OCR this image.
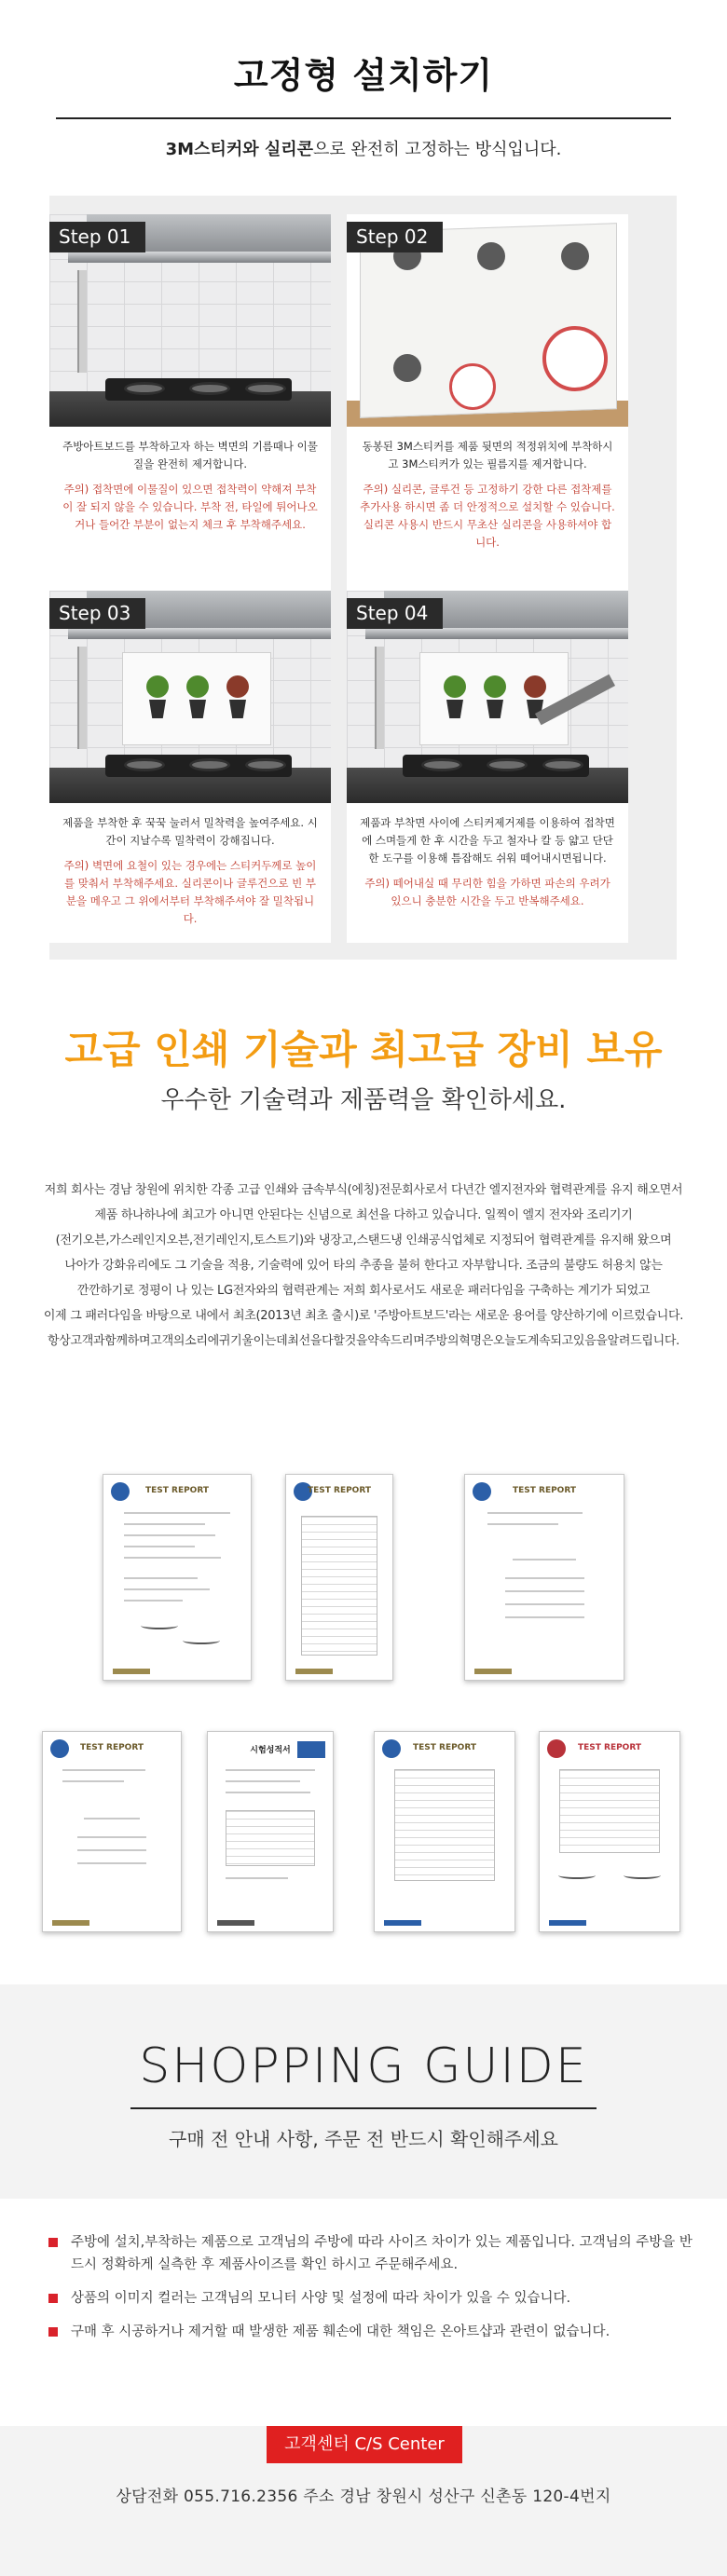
고정형 설치하기
3M스티커와 실리콘으로 완전히 고정하는 방식입니다.
Step 01
주방아트보드를 부착하고자 하는 벽면의 기름때나 이물질을 완전히 제거합니다.
주의) 접착면에 이물질이 있으면 접착력이 약해져 부착이 잘 되지 않을 수 있습니다. 부착 전, 타일에 튀어나오거나 들어간 부분이 없는지 체크 후 부착해주세요.
Step 02
동봉된 3M스티커를 제품 뒷면의 적정위치에 부착하시고 3M스티커가 있는 필름지를 제거합니다.
주의) 실리콘, 글루건 등 고정하기 강한 다른 접착제를 추가사용 하시면 좀 더 안정적으로 설치할 수 있습니다. 실리콘 사용시 반드시 무초산 실리콘을 사용하셔야 합니다.
Step 03
제품을 부착한 후 꾹꾹 눌러서 밀착력을 높여주세요. 시간이 지날수록 밀착력이 강해집니다.
주의) 벽면에 요철이 있는 경우에는 스티커두께로 높이를 맞춰서 부착해주세요. 실리콘이나 글루건으로 빈 부분을 메우고 그 위에서부터 부착해주셔야 잘 밀착됩니다.
Step 04
제품과 부착면 사이에 스티커제거제를 이용하여 접착면에 스며들게 한 후 시간을 두고 철자나 칼 등 얇고 단단한 도구를 이용해 틈잡해도 쉬워 떼어내시면됩니다.
주의) 떼어내실 때 무리한 힘을 가하면 파손의 우려가 있으니 충분한 시간을 두고 반복해주세요.
고급 인쇄 기술과 최고급 장비 보유
우수한 기술력과 제품력을 확인하세요.
저희 회사는 경남 창원에 위치한 각종 고급 인쇄와 금속부식(에칭)전문회사로서 다년간 엘지전자와 협력관계를 유지 해오면서
제품 하나하나에 최고가 아니면 안된다는 신념으로 최선을 다하고 있습니다. 일찍이 엘지 전자와 조리기기
(전기오븐,가스레인지오븐,전기레인지,토스트기)와 냉장고,스탠드냉 인쇄공식업체로 지정되어 협력관계를 유지해 왔으며
나아가 강화유리에도 그 기술을 적용, 기술력에 있어 타의 추종을 불허 한다고 자부합니다. 조금의 불량도 허용치 않는
깐깐하기로 정평이 나 있는 LG전자와의 협력관계는 저희 회사로서도 새로운 패러다임을 구축하는 계기가 되었고
이제 그 패러다임을 바탕으로 내에서 최초(2013년 최초 출시)로 '주방아트보드'라는 새로운 용어를 양산하기에 이르렀습니다.
항상고객과함께하며고객의소리에귀기울이는데최선을다할것을약속드리며주방의혁명은오늘도계속되고있음을알려드립니다.
TEST REPORT	TEST REPORT	TEST REPORT
TEST REPORT	시험성적서	TEST REPORT	TEST REPORT
SHOPPING GUIDE
구매 전 안내 사항, 주문 전 반드시 확인해주세요
주방에 설치,부착하는 제품으로 고객님의 주방에 따라 사이즈 차이가 있는 제품입니다. 고객님의 주방을 반드시 정확하게 실측한 후 제품사이즈를 확인 하시고 주문해주세요.
상품의 이미지 컬러는 고객님의 모니터 사양 및 설정에 따라 차이가 있을 수 있습니다.
구매 후 시공하거나 제거할 때 발생한 제품 훼손에 대한 책임은 온아트샵과 관련이 없습니다.
고객센터 C/S Center
상담전화 055.716.2356 주소 경남 창원시 성산구 신촌동 120-4번지
